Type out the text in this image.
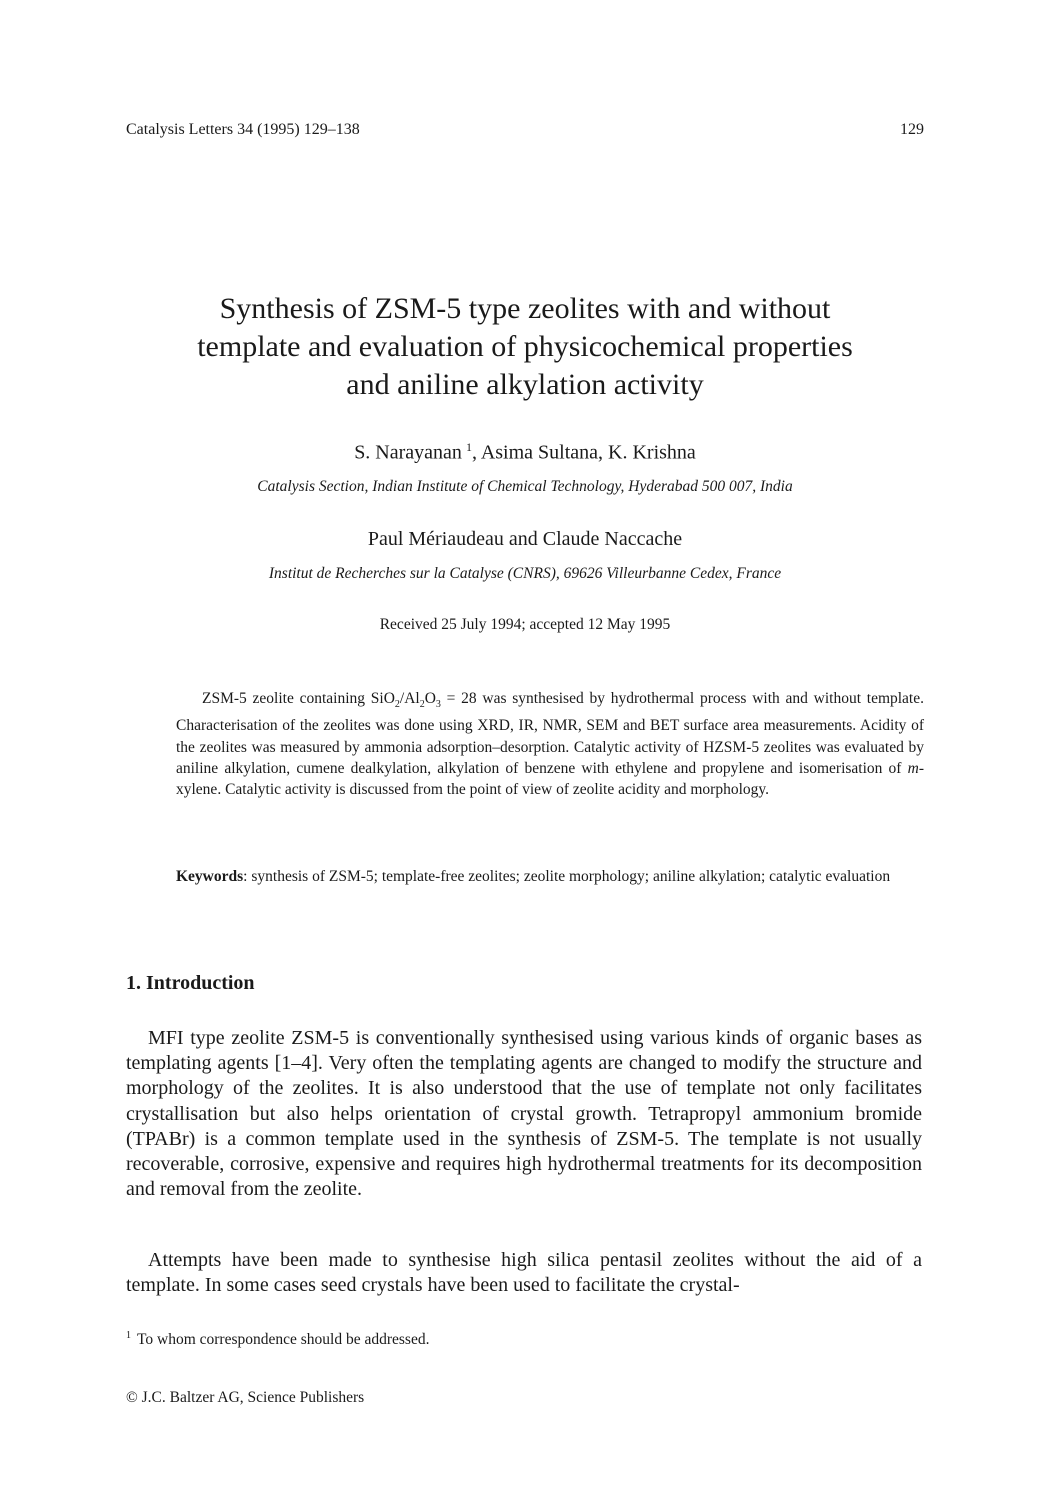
Catalysis Letters 34 (1995) 129–138	129
Synthesis of ZSM-5 type zeolites with and without
template and evaluation of physicochemical properties
and aniline alkylation activity
S. Narayanan  $^1$, Asima Sultana, K. Krishna
Catalysis Section, Indian Institute of Chemical Technology, Hyderabad 500 007, India
Paul Mériaudeau and Claude Naccache
Institut de Recherches sur la Catalyse (CNRS), 69626 Villeurbanne Cedex, France
Received 25 July 1994; accepted 12 May 1995

ZSM-5 zeolite containing $SiO_2/Al_2O_3 = 28$ was synthesised by hydrothermal process with and without template. Characterisation of the zeolites was done using XRD, IR, NMR, SEM and BET surface area measurements. Acidity of the zeolites was measured by ammonia adsorption–desorption. Catalytic activity of HZSM-5 zeolites was evaluated by aniline alkylation, cumene dealkylation, alkylation of benzene with ethylene and propylene and isomerisation of m-xylene. Catalytic activity is discussed from the point of view of zeolite acidity and morphology.

Keywords: synthesis of ZSM-5; template-free zeolites; zeolite morphology; aniline alkylation; catalytic evaluation

1. Introduction

MFI type zeolite ZSM-5 is conventionally synthesised using various kinds of organic bases as templating agents [1–4]. Very often the templating agents are changed to modify the structure and morphology of the zeolites. It is also understood that the use of template not only facilitates crystallisation but also helps orientation of crystal growth. Tetrapropyl ammonium bromide (TPABr) is a common template used in the synthesis of ZSM-5. The template is not usually recoverable, corrosive, expensive and requires high hydrothermal treatments for its decomposition and removal from the zeolite.

Attempts have been made to synthesise high silica pentasil zeolites without the aid of a template. In some cases seed crystals have been used to facilitate the crystal-

$^1$ To whom correspondence should be addressed.
© J.C. Baltzer AG, Science Publishers
